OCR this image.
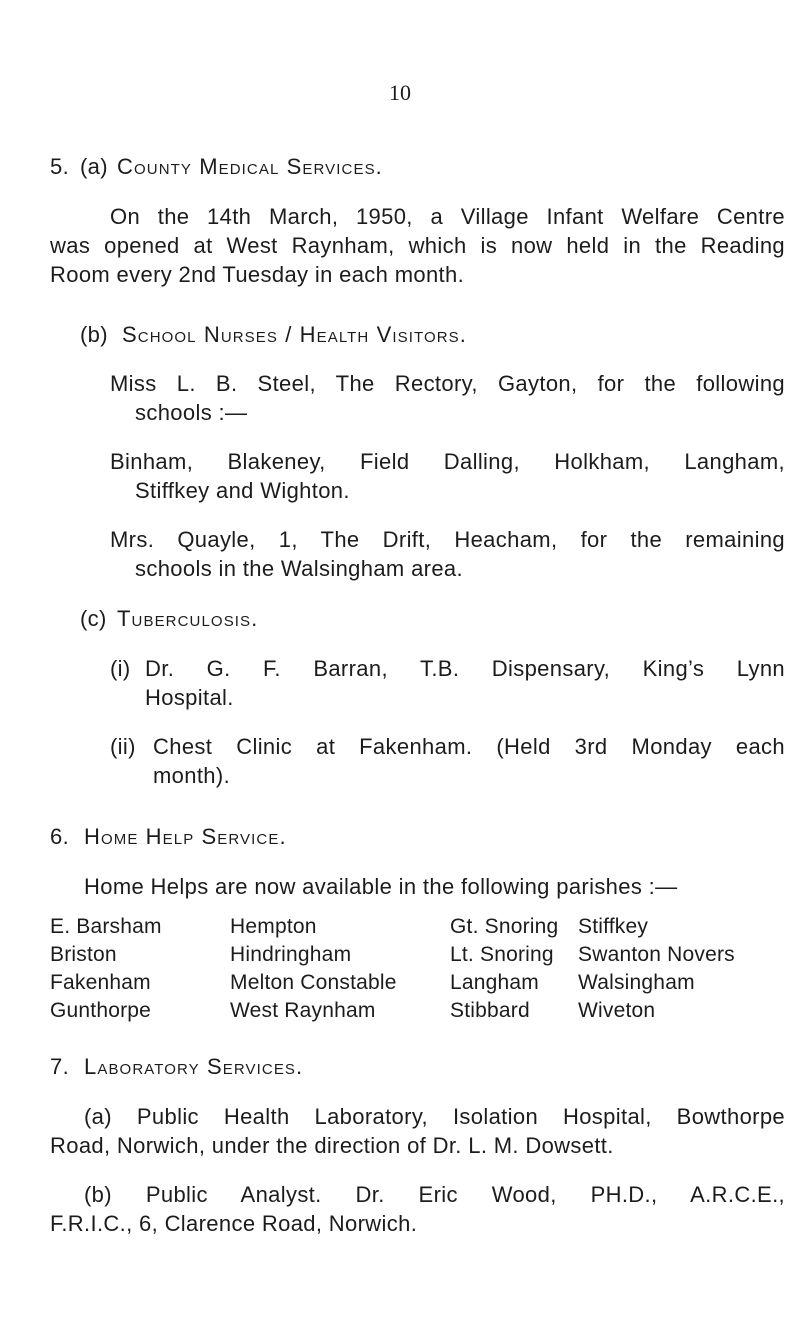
10
5. (a) County Medical Services.
On the 14th March, 1950, a Village Infant Welfare Centre
was opened at West Raynham, which is now held in the Reading
Room every 2nd Tuesday in each month.
(b) School Nurses / Health Visitors.
Miss L. B. Steel, The Rectory, Gayton, for the following
schools :—
Binham, Blakeney, Field Dalling, Holkham, Langham,
Stiffkey and Wighton.
Mrs. Quayle, 1, The Drift, Heacham, for the remaining
schools in the Walsingham area.
(c) Tuberculosis.
(i) Dr. G. F. Barran, T.B. Dispensary, King’s Lynn
Hospital.
(ii) Chest Clinic at Fakenham. (Held 3rd Monday each
month).
6. Home Help Service.
Home Helps are now available in the following parishes :—
E. Barsham
Briston
Fakenham
Gunthorpe
Hempton
Hindringham
Melton Constable
West Raynham
Gt. Snoring
Lt. Snoring
Langham
Stibbard
Stiffkey
Swanton Novers
Walsingham
Wiveton
7. Laboratory Services.
(a) Public Health Laboratory, Isolation Hospital, Bowthorpe
Road, Norwich, under the direction of Dr. L. M. Dowsett.
(b) Public Analyst. Dr. Eric Wood, PH.D., A.R.C.E.,
F.R.I.C., 6, Clarence Road, Norwich.
